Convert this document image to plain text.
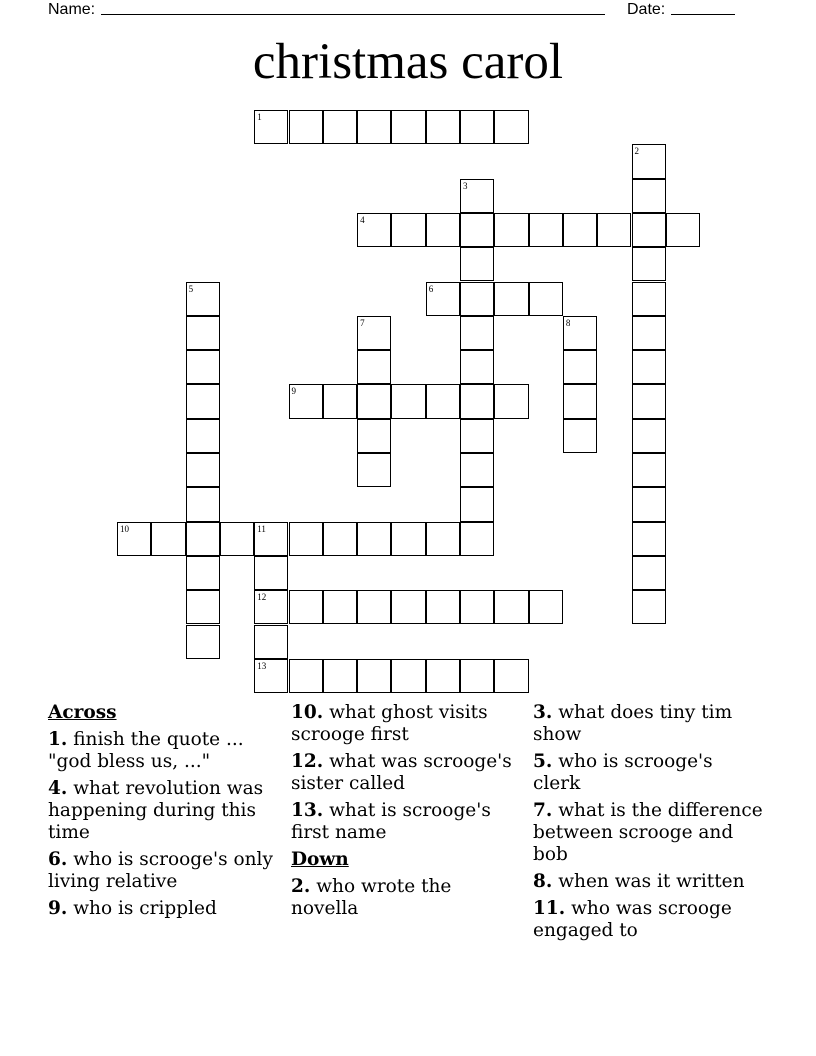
Name:	Date:
christmas carol
1
2
3
4
5	6
7	8
9
10	11
12
13
Across
1. finish the quote ... "god bless us, ..."
4. what revolution was happening during this time
6. who is scrooge's only living relative
9. who is crippled
10. what ghost visits scrooge first
12. what was scrooge's sister called
13. what is scrooge's first name
Down
2. who wrote the novella
3. what does tiny tim show
5. who is scrooge's clerk
7. what is the difference between scrooge and bob
8. when was it written
11. who was scrooge engaged to
